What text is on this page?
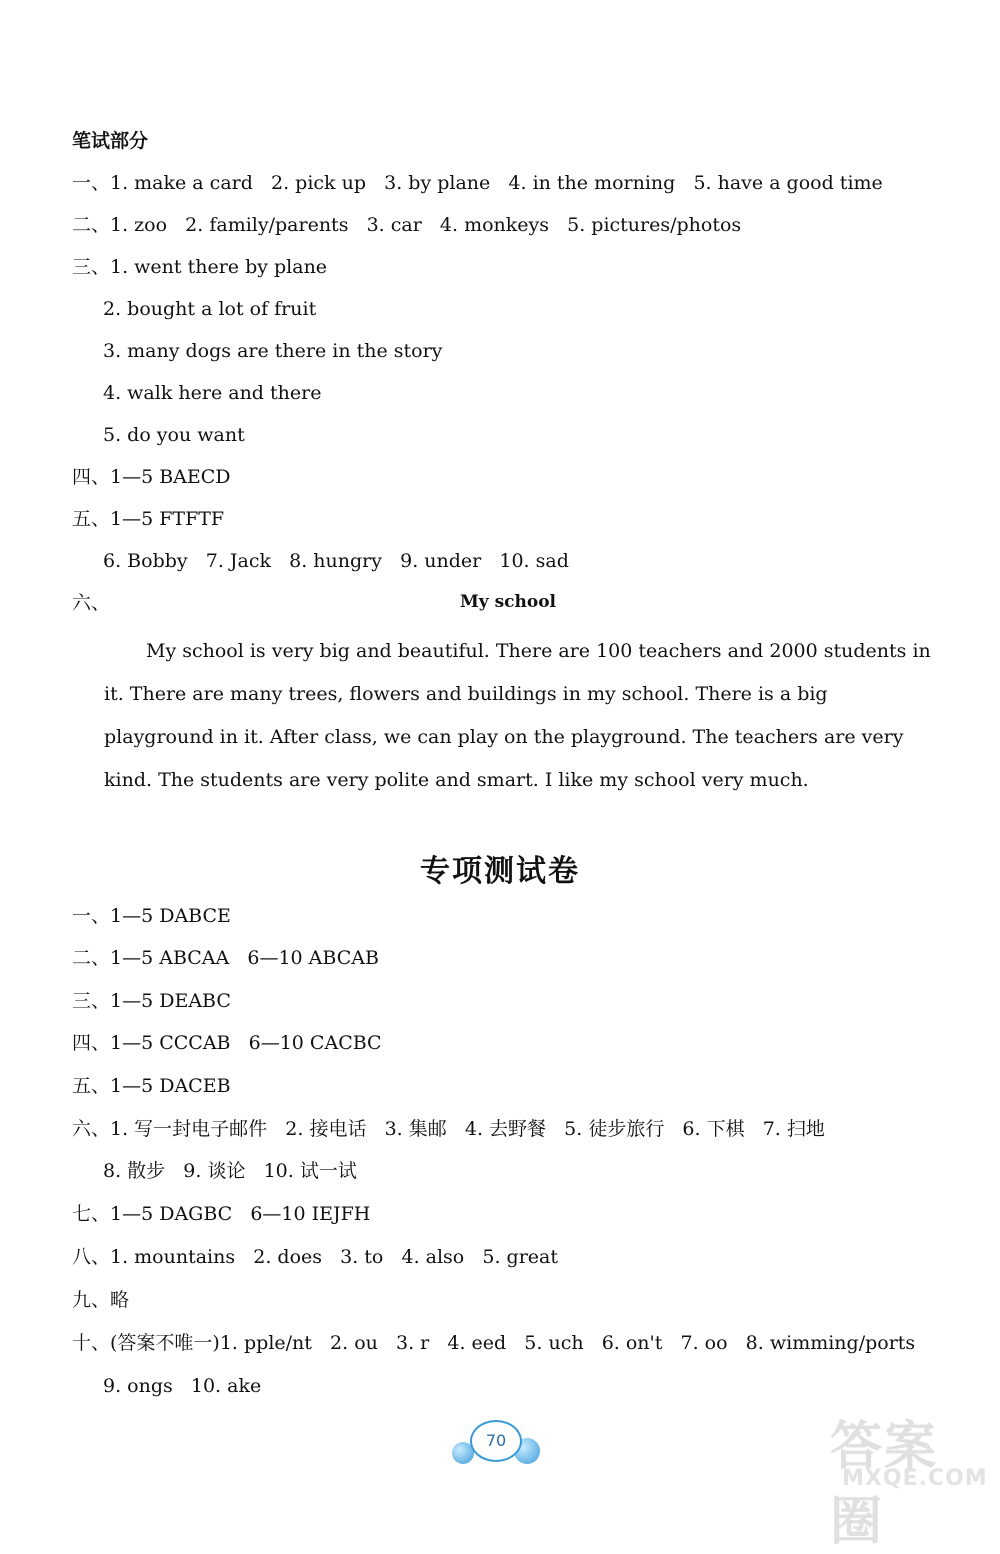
笔试部分
一、1. make a card   2. pick up   3. by plane   4. in the morning   5. have a good time
二、1. zoo   2. family/parents   3. car   4. monkeys   5. pictures/photos
三、1. went there by plane
2. bought a lot of fruit
3. many dogs are there in the story
4. walk here and there
5. do you want
四、1—5 BAECD
五、1—5 FTFTF
6. Bobby   7. Jack   8. hungry   9. under   10. sad
六、	My school
My school is very big and beautiful. There are 100 teachers and 2000 students in it. There are many trees, flowers and buildings in my school. There is a big playground in it. After class, we can play on the playground. The teachers are very kind. The students are very polite and smart. I like my school very much.
专项测试卷
一、1—5 DABCE
二、1—5 ABCAA   6—10 ABCAB
三、1—5 DEABC
四、1—5 CCCAB   6—10 CACBC
五、1—5 DACEB
六、1. 写一封电子邮件   2. 接电话   3. 集邮   4. 去野餐   5. 徒步旅行   6. 下棋   7. 扫地
8. 散步   9. 谈论   10. 试一试
七、1—5 DAGBC   6—10 IEJFH
八、1. mountains   2. does   3. to   4. also   5. great
九、略
十、(答案不唯一)1. pple/nt   2. ou   3. r   4. eed   5. uch   6. on't   7. oo   8. wimming/ports
9. ongs   10. ake
70	答案圈
MXQE.COM
